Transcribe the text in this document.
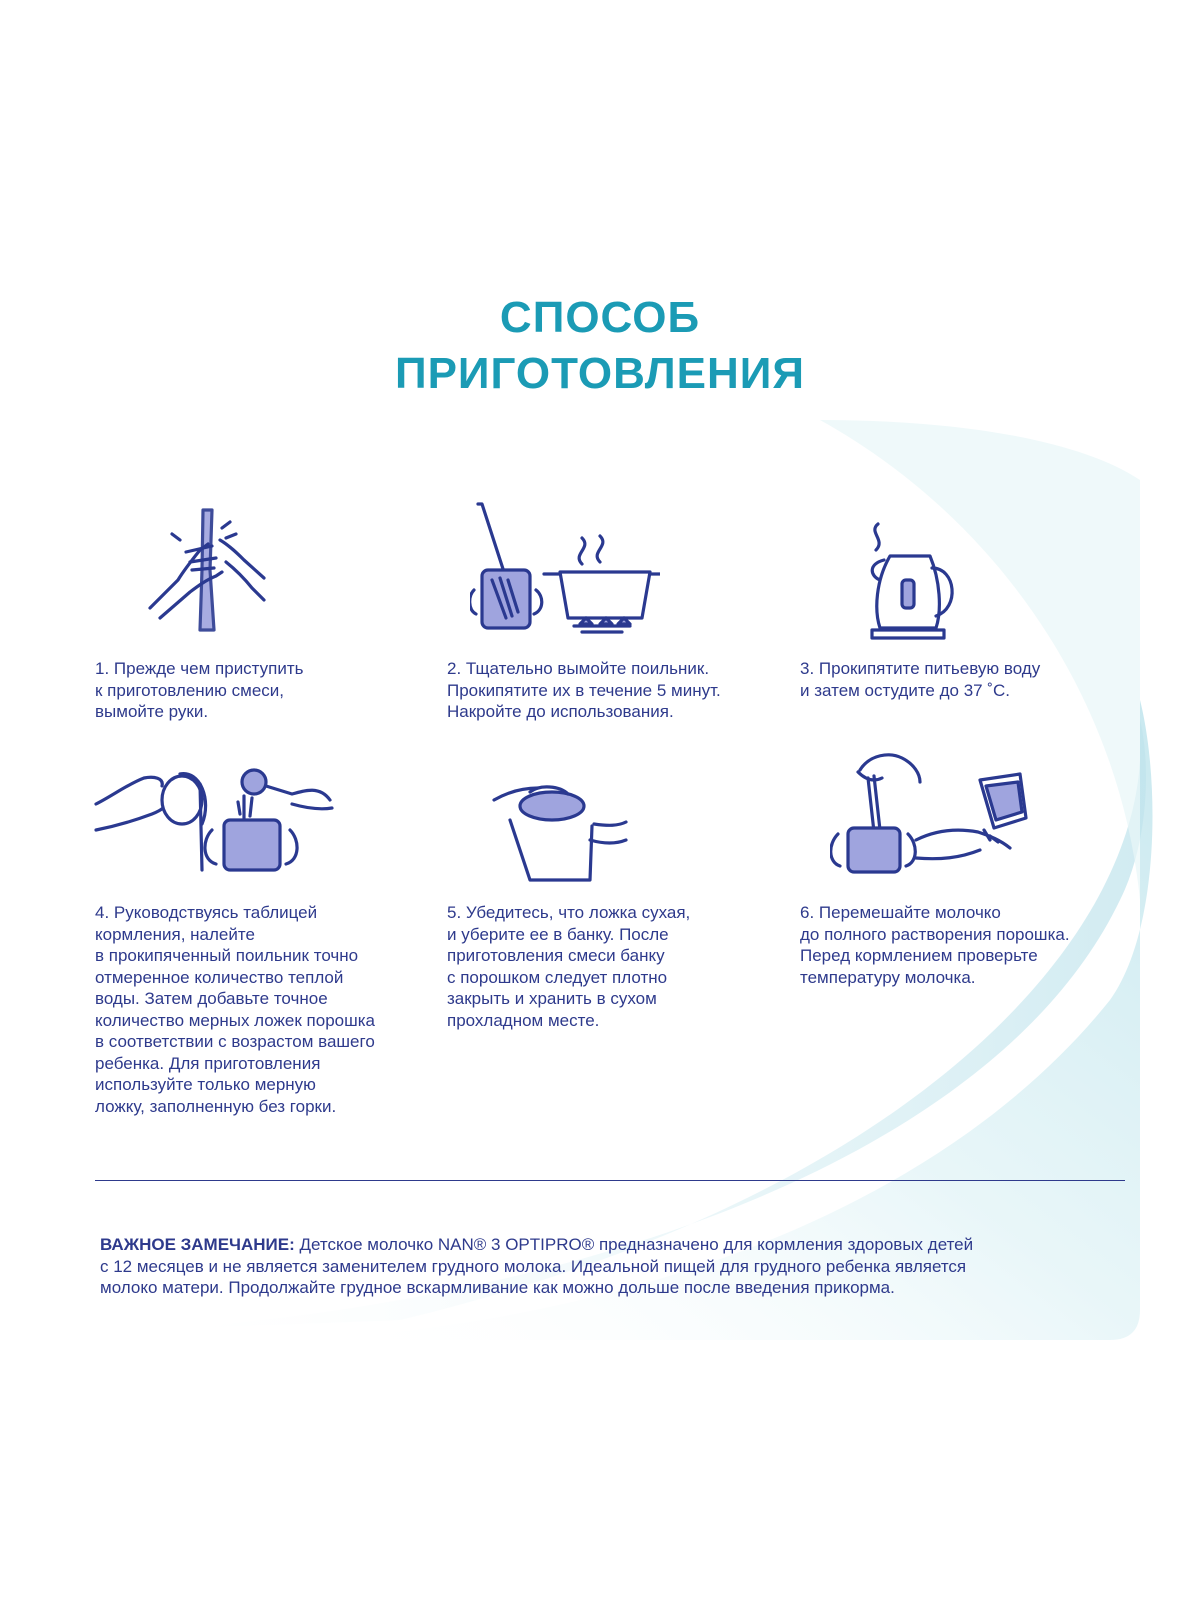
СПОСОБ
ПРИГОТОВЛЕНИЯ
1. Прежде чем приступить
к приготовлению смеси,
вымойте руки.
2. Тщательно вымойте поильник.
Прокипятите их в течение 5 минут.
Накройте до использования.
3. Прокипятите питьевую воду
и затем остудите до 37 ˚С.
4. Руководствуясь таблицей
кормления, налейте
в прокипяченный поильник точно
отмеренное количество теплой
воды. Затем добавьте точное
количество мерных ложек порошка
в соответствии с возрастом вашего
ребенка. Для приготовления
используйте только мерную
ложку, заполненную без горки.
5. Убедитесь, что ложка сухая,
и уберите ее в банку. После
приготовления смеси банку
с порошком следует плотно
закрыть и хранить в сухом
прохладном месте.
6. Перемешайте молочко
до полного растворения порошка.
Перед кормлением проверьте
температуру молочка.
ВАЖНОЕ ЗАМЕЧАНИЕ: Детское молочко NAN® 3 OPTIPRO® предназначено для кормления здоровых детей
с 12 месяцев и не является заменителем грудного молока. Идеальной пищей для грудного ребенка является
молоко матери. Продолжайте грудное вскармливание как можно дольше после введения прикорма.
